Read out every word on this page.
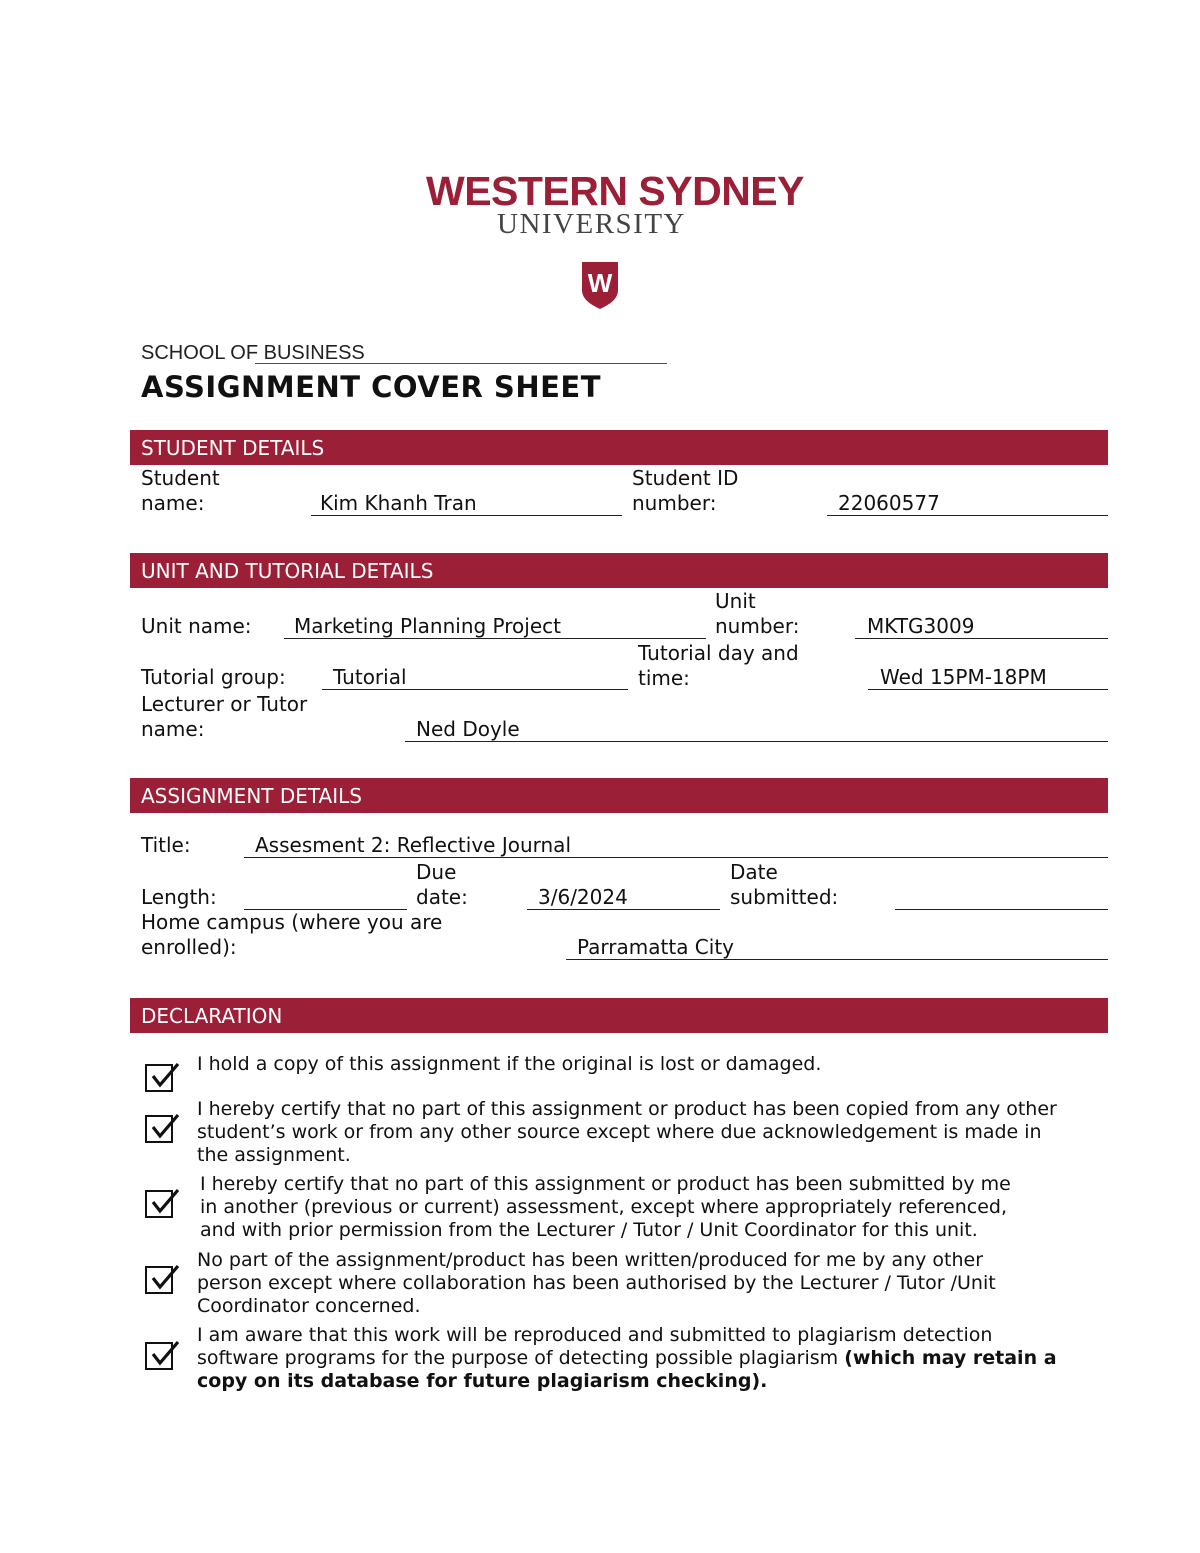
WESTERN SYDNEY
UNIVERSITY
W
SCHOOL OF BUSINESS
ASSIGNMENT COVER SHEET
STUDENT DETAILS
Student
name:	Kim Khanh Tran
Student ID
number:	22060577
UNIT AND TUTORIAL DETAILS
Unit name: Marketing Planning Project
Unit
number:	MKTG3009
Tutorial group: Tutorial
Tutorial day and
time:	Wed 15PM-18PM
Lecturer or Tutor
name:	Ned Doyle
ASSIGNMENT DETAILS
Title:	Assesment 2: Reflective Journal
Length:
Due
date:	3/6/2024
Date
submitted:
Home campus (where you are
enrolled):	Parramatta City
DECLARATION
I hold a copy of this assignment if the original is lost or damaged.
I hereby certify that no part of this assignment or product has been copied from any other
student’s work or from any other source except where due acknowledgement is made in
the assignment.
I hereby certify that no part of this assignment or product has been submitted by me
in another (previous or current) assessment, except where appropriately referenced,
and with prior permission from the Lecturer / Tutor / Unit Coordinator for this unit.
No part of the assignment/product has been written/produced for me by any other
person except where collaboration has been authorised by the Lecturer / Tutor /Unit
Coordinator concerned.
I am aware that this work will be reproduced and submitted to plagiarism detection
software programs for the purpose of detecting possible plagiarism (which may retain a
copy on its database for future plagiarism checking).
